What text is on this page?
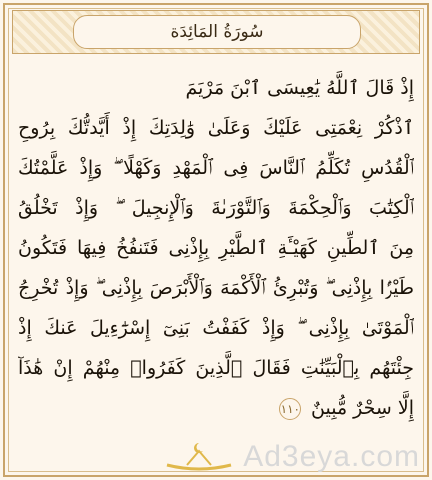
سُورَةُ المَائِدَة
إِذْ قَالَ ٱللَّهُ يَٰعِيسَى ٱبْنَ مَرْيَمَ
ٱذْكُرْ نِعْمَتِى عَلَيْكَ وَعَلَىٰ وَٰلِدَتِكَ إِذْ أَيَّدتُّكَ بِرُوحِ
ٱلْقُدُسِ تُكَلِّمُ ٱلنَّاسَ فِى ٱلْمَهْدِ وَكَهْلًا ۖ وَإِذْ عَلَّمْتُكَ
ٱلْكِتَٰبَ وَٱلْحِكْمَةَ وَٱلتَّوْرَىٰةَ وَٱلْإِنجِيلَ ۖ وَإِذْ تَخْلُقُ
مِنَ ٱلطِّينِ كَهَيْـَٔةِ ٱلطَّيْرِ بِإِذْنِى فَتَنفُخُ فِيهَا فَتَكُونُ
طَيْرًۢا بِإِذْنِى ۖ وَتُبْرِئُ ٱلْأَكْمَهَ وَٱلْأَبْرَصَ بِإِذْنِى ۖ وَإِذْ تُخْرِجُ
ٱلْمَوْتَىٰ بِإِذْنِى ۖ وَإِذْ كَفَفْتُ بَنِىٓ إِسْرَٰٓءِيلَ عَنكَ إِذْ
جِئْتَهُم بِٱلْبَيِّنَٰتِ فَقَالَ ٱلَّذِينَ كَفَرُوا۟ مِنْهُمْ إِنْ هَٰذَآ
إِلَّا سِحْرٌ مُّبِينٌ ١١٠
Ad3eya.com
